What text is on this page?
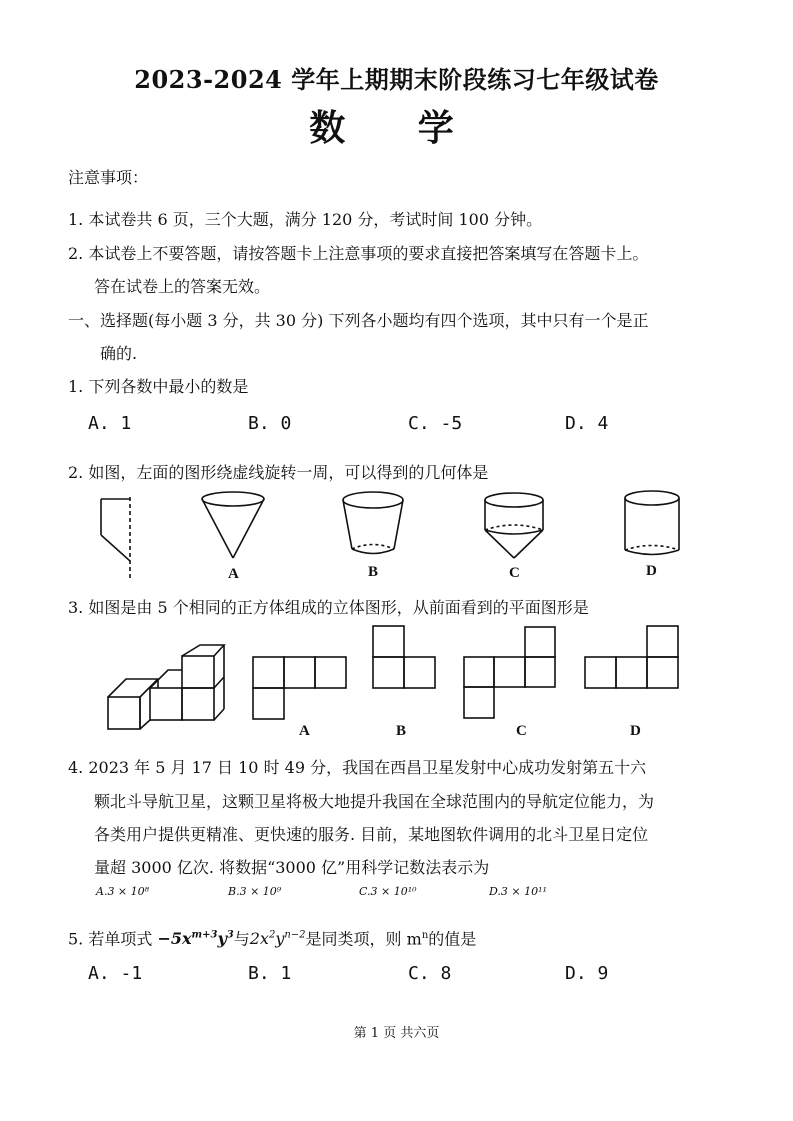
2023-2024 学年上期期末阶段练习七年级试卷
数 学
注意事项：
1. 本试卷共 6 页，三个大题，满分 120 分，考试时间 100 分钟。
2. 本试卷上不要答题，请按答题卡上注意事项的要求直接把答案填写在答题卡上。
答在试卷上的答案无效。
一、选择题(每小题 3 分，共 30 分) 下列各小题均有四个选项，其中只有一个是正
确的.
1. 下列各数中最小的数是
A. 1	B. 0	C. -5	D. 4
2. 如图，左面的图形绕虚线旋转一周，可以得到的几何体是
A	B	C	D
3. 如图是由 5 个相同的正方体组成的立体图形，从前面看到的平面图形是
A	B	C	D
4. 2023 年 5 月 17 日 10 时 49 分，我国在西昌卫星发射中心成功发射第五十六
颗北斗导航卫星，这颗卫星将极大地提升我国在全球范围内的导航定位能力，为
各类用户提供更精准、更快速的服务. 目前，某地图软件调用的北斗卫星日定位
量超 3000 亿次. 将数据“3000 亿”用科学记数法表示为
A.3 × 10⁸	B.3 × 10⁹	C.3 × 10¹⁰	D.3 × 10¹¹
5. 若单项式 $-5x^{m+3}y^3$与$2x^2y^{n-2}$是同类项，则 $m^n$的值是
A. -1	B. 1	C. 8	D. 9
第 1 页 共六页
